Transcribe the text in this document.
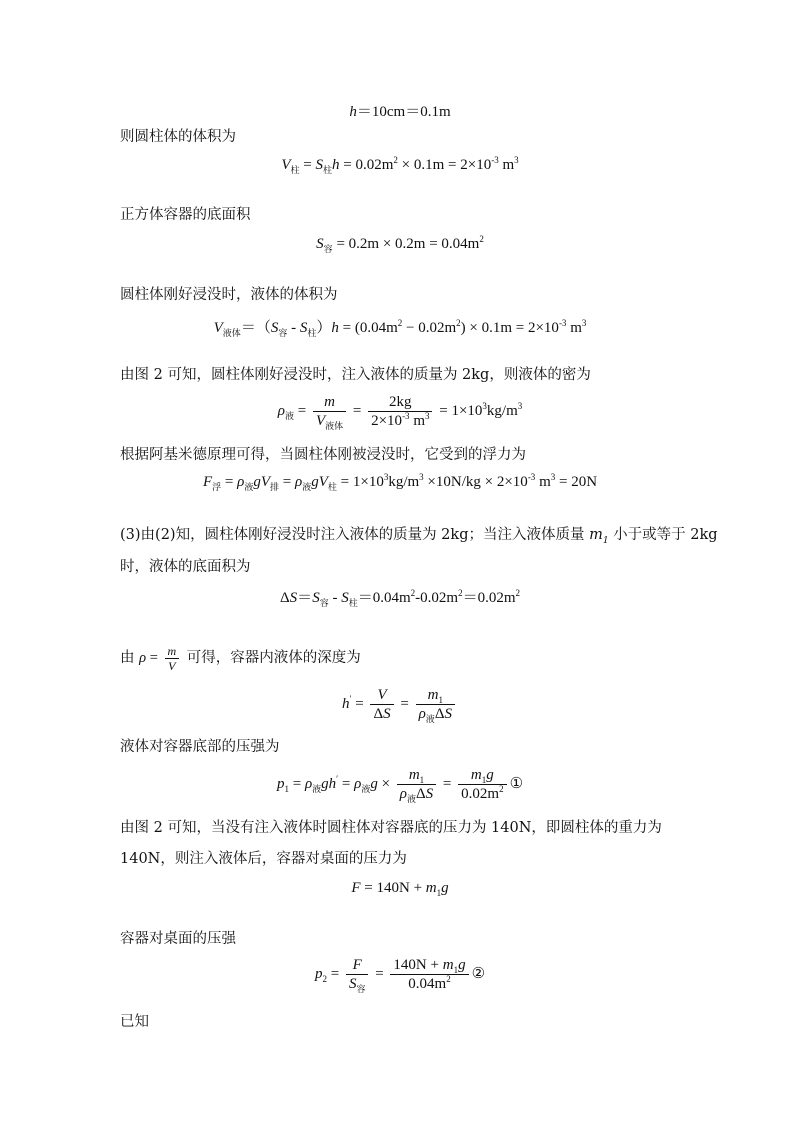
h＝10cm＝0.1m
则圆柱体的体积为
$V_柱 = S_柱h = 0.02m^2 \times 0.1m = 2\times 10^{-3}$ $m^3$
正方体容器的底面积
$S_容 = 0.2m \times 0.2m = 0.04m^2$
圆柱体刚好浸没时，液体的体积为
$V_{液体}=(S_容 - S_柱)h = (0.04m^2 - 0.02m^2) \times 0.1m = 2\times 10^{-3}$ $m^3$
由图 2 可知，圆柱体刚好浸没时，注入液体的质量为 2kg，则液体的密为
$\rho_液 = \frac{m}{V_{液体}} = \frac{2kg}{2\times 10^{-3} m^3} = 1\times 10^3kg/m^3$
根据阿基米德原理可得，当圆柱体刚被浸没时，它受到的浮力为
$F_浮 = \rho_液gV_排 = \rho_液gV_柱 = 1\times 10^3kg/m^3 \times 10N/kg \times 2\times 10^{-3}$ $m^3 = 20N$
(3)由(2)知，圆柱体刚好浸没时注入液体的质量为 2kg；当注入液体质量 $m_1$ 小于或等于 2kg
时，液体的底面积为
$\Delta S=S_容 - S_柱=0.04m^2-0.02m^2=0.02m^2$
由 $\rho = \frac{m}{V}$ 可得，容器内液体的深度为
$h' = \frac{V}{\Delta S} = \frac{m_1}{\rho_液\Delta S}$
液体对容器底部的压强为
$p_1 = \rho_液gh' = \rho_液g \times \frac{m_1}{\rho_液\Delta S} = \frac{m_1g}{0.02m^2}$ ①
由图 2 可知，当没有注入液体时圆柱体对容器底的压力为 140N，即圆柱体的重力为
140N，则注入液体后，容器对桌面的压力为
$F = 140N + m_1g$
容器对桌面的压强
$p_2 = \frac{F}{S_容} = \frac{140N + m_1g}{0.04m^2}$ ②
已知
